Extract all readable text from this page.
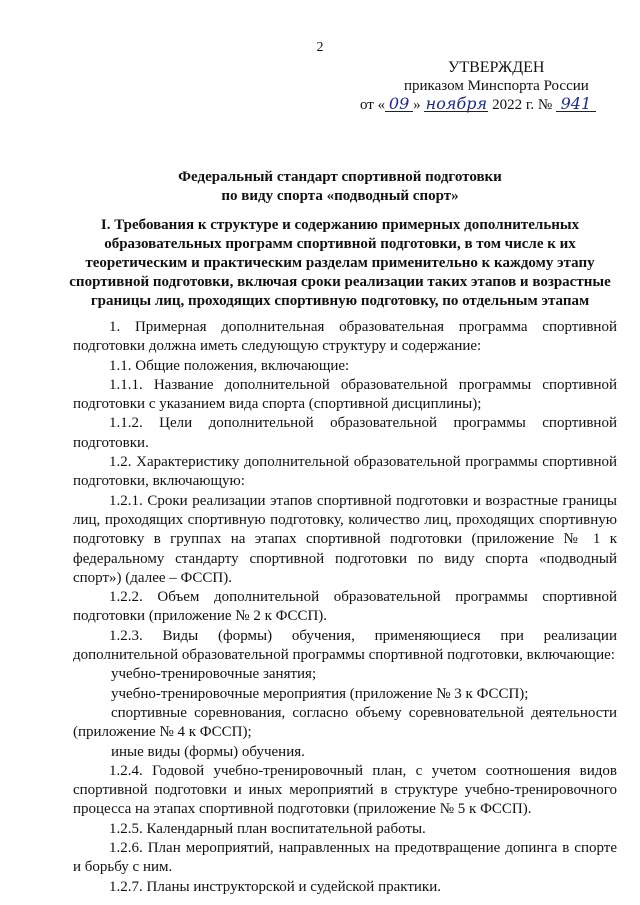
2
УТВЕРЖДЕН
приказом Минспорта России
от « 09 » ноября 2022 г. № 941
Федеральный стандарт спортивной подготовки
по виду спорта «подводный спорт»
I. Требования к структуре и содержанию примерных дополнительных образовательных программ спортивной подготовки, в том числе к их теоретическим и практическим разделам применительно к каждому этапу спортивной подготовки, включая сроки реализации таких этапов и возрастные границы лиц, проходящих спортивную подготовку, по отдельным этапам

1. Примерная дополнительная образовательная программа спортивной подготовки должна иметь следующую структуру и содержание:

1.1. Общие положения, включающие:

1.1.1. Название дополнительной образовательной программы спортивной подготовки с указанием вида спорта (спортивной дисциплины);

1.1.2. Цели дополнительной образовательной программы спортивной подготовки.

1.2. Характеристику дополнительной образовательной программы спортивной подготовки, включающую:

1.2.1. Сроки реализации этапов спортивной подготовки и возрастные границы лиц, проходящих спортивную подготовку, количество лиц, проходящих спортивную подготовку в группах на этапах спортивной подготовки (приложение № 1 к федеральному стандарту спортивной подготовки по виду спорта «подводный спорт») (далее – ФССП).

1.2.2. Объем дополнительной образовательной программы спортивной подготовки (приложение № 2 к ФССП).

1.2.3. Виды (формы) обучения, применяющиеся при реализации дополнительной образовательной программы спортивной подготовки, включающие:

учебно-тренировочные занятия;

учебно-тренировочные мероприятия (приложение № 3 к ФССП);

спортивные соревнования, согласно объему соревновательной деятельности (приложение № 4 к ФССП);

иные виды (формы) обучения.

1.2.4. Годовой учебно-тренировочный план, с учетом соотношения видов спортивной подготовки и иных мероприятий в структуре учебно-тренировочного процесса на этапах спортивной подготовки (приложение № 5 к ФССП).

1.2.5. Календарный план воспитательной работы.

1.2.6. План мероприятий, направленных на предотвращение допинга в спорте и борьбу с ним.

1.2.7. Планы инструкторской и судейской практики.
